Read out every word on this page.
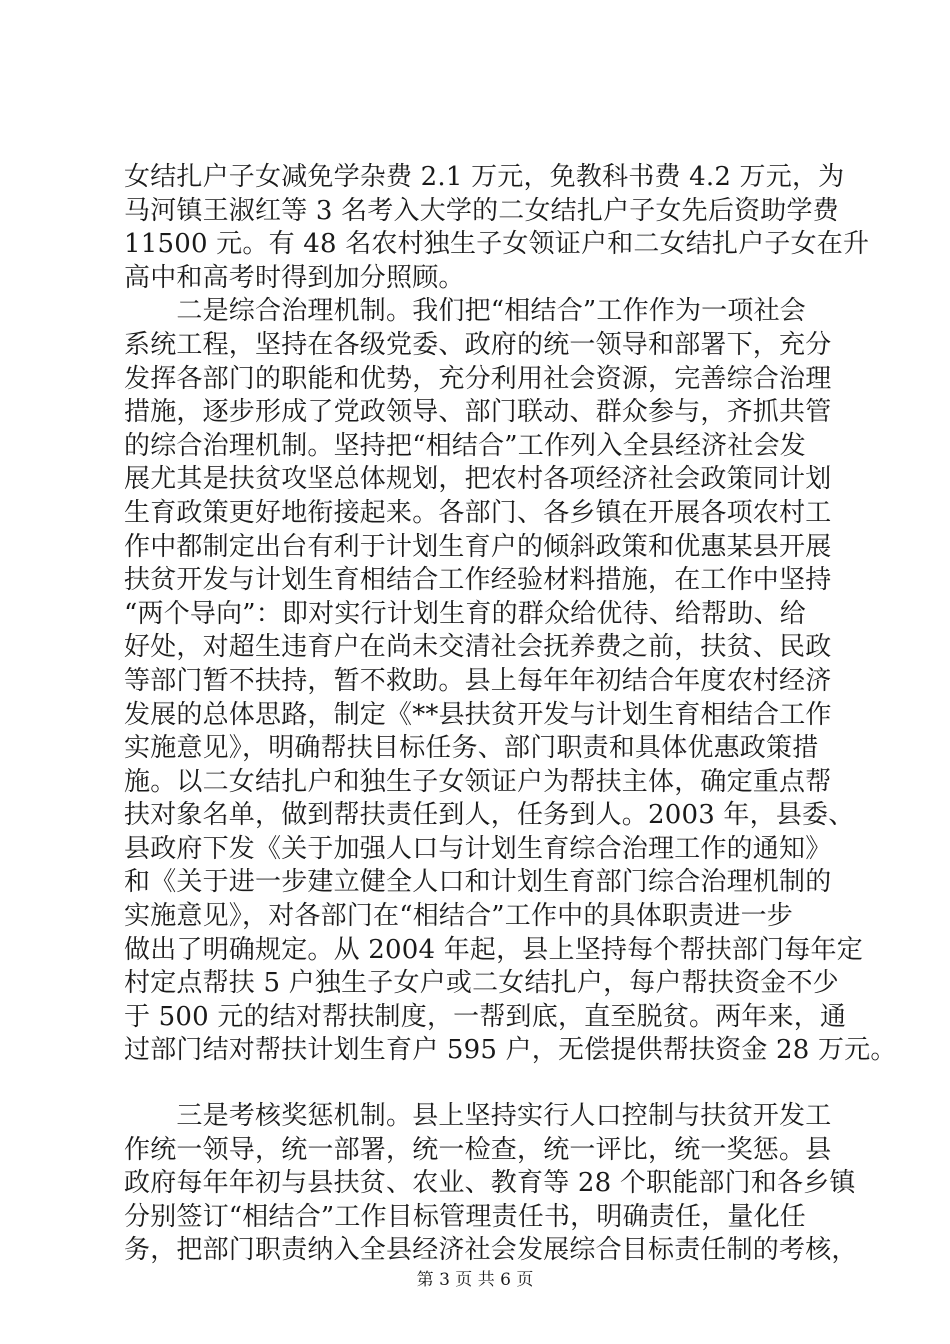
女结扎户子女减免学杂费 2.1 万元，免教科书费 4.2 万元，为
马河镇王淑红等 3 名考入大学的二女结扎户子女先后资助学费
11500 元。有 48 名农村独生子女领证户和二女结扎户子女在升
高中和高考时得到加分照顾。
　　二是综合治理机制。我们把“相结合”工作作为一项社会
系统工程，坚持在各级党委、政府的统一领导和部署下，充分
发挥各部门的职能和优势，充分利用社会资源，完善综合治理
措施，逐步形成了党政领导、部门联动、群众参与，齐抓共管
的综合治理机制。坚持把“相结合”工作列入全县经济社会发
展尤其是扶贫攻坚总体规划，把农村各项经济社会政策同计划
生育政策更好地衔接起来。各部门、各乡镇在开展各项农村工
作中都制定出台有利于计划生育户的倾斜政策和优惠某县开展
扶贫开发与计划生育相结合工作经验材料措施，在工作中坚持
“两个导向”：即对实行计划生育的群众给优待、给帮助、给
好处，对超生违育户在尚未交清社会抚养费之前，扶贫、民政
等部门暂不扶持，暂不救助。县上每年年初结合年度农村经济
发展的总体思路，制定《**县扶贫开发与计划生育相结合工作
实施意见》，明确帮扶目标任务、部门职责和具体优惠政策措
施。以二女结扎户和独生子女领证户为帮扶主体，确定重点帮
扶对象名单，做到帮扶责任到人，任务到人。2003 年，县委、
县政府下发《关于加强人口与计划生育综合治理工作的通知》
和《关于进一步建立健全人口和计划生育部门综合治理机制的
实施意见》，对各部门在“相结合”工作中的具体职责进一步
做出了明确规定。从 2004 年起，县上坚持每个帮扶部门每年定
村定点帮扶 5 户独生子女户或二女结扎户，每户帮扶资金不少
于 500 元的结对帮扶制度，一帮到底，直至脱贫。两年来，通
过部门结对帮扶计划生育户 595 户，无偿提供帮扶资金 28 万元。
　　三是考核奖惩机制。县上坚持实行人口控制与扶贫开发工
作统一领导，统一部署，统一检查，统一评比，统一奖惩。县
政府每年年初与县扶贫、农业、教育等 28 个职能部门和各乡镇
分别签订“相结合”工作目标管理责任书，明确责任，量化任
务，把部门职责纳入全县经济社会发展综合目标责任制的考核，
第 3 页 共 6 页
